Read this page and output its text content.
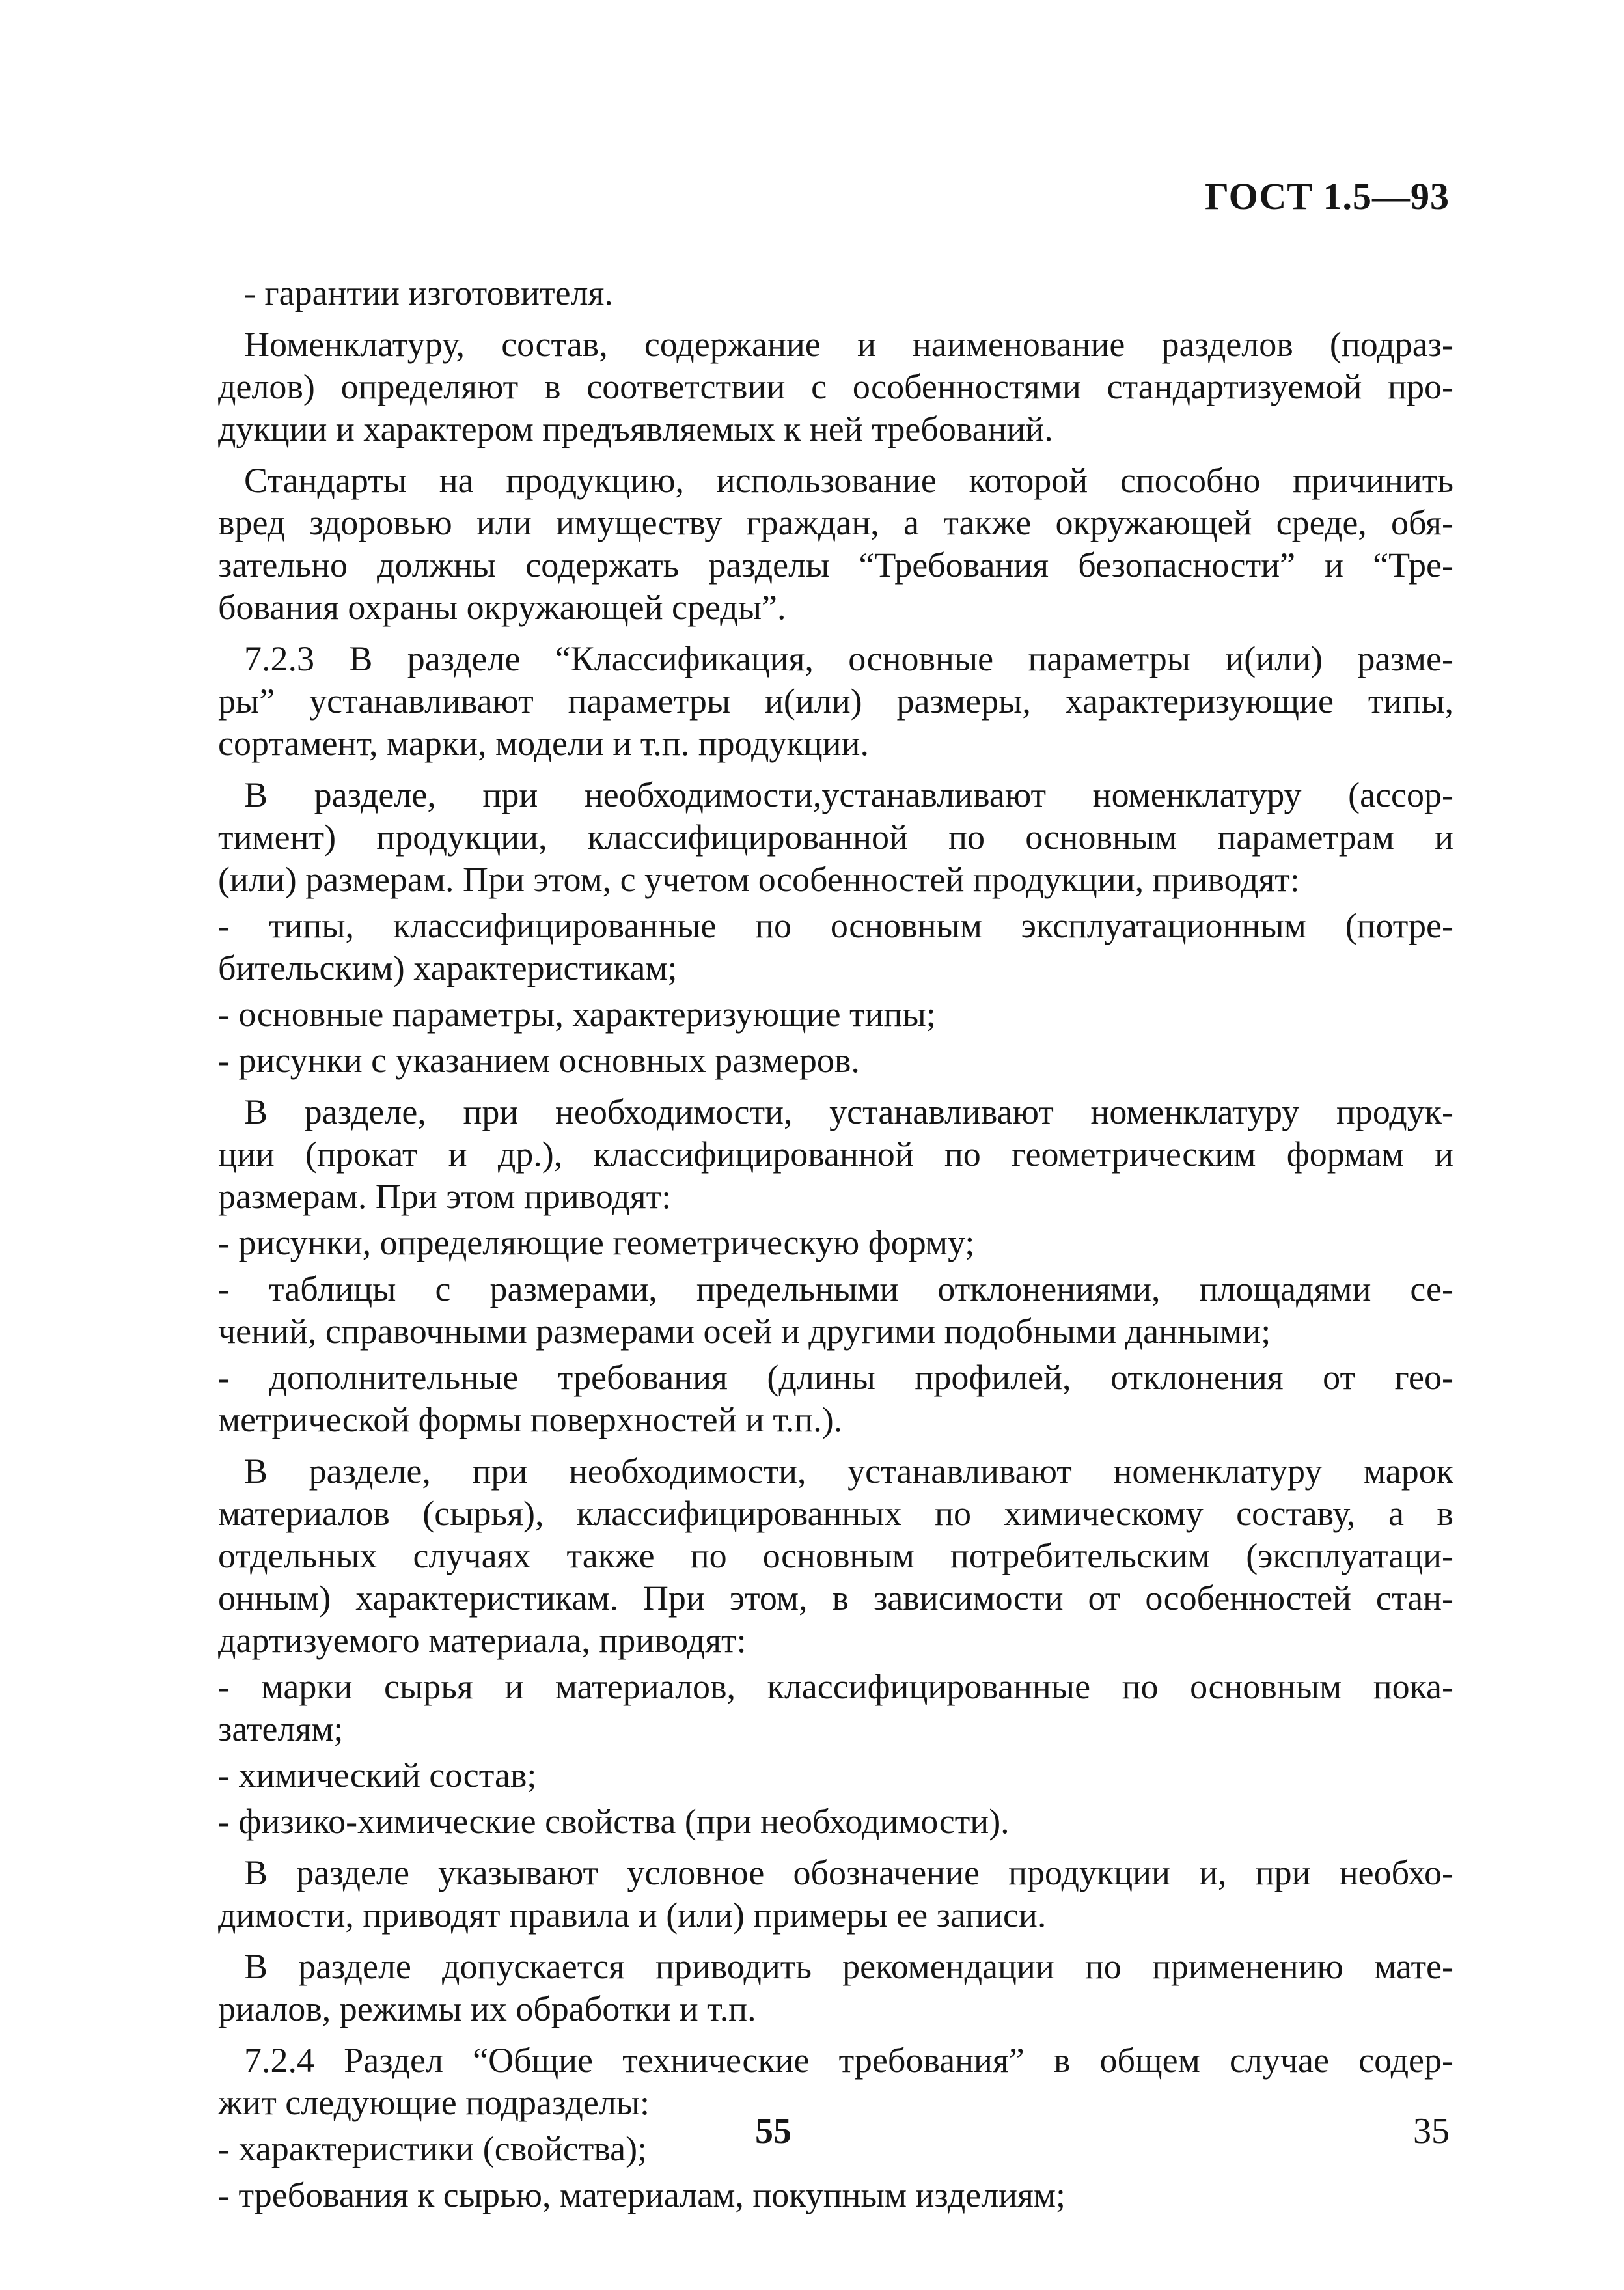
ГОСТ 1.5—93
- гарантии изготовителя.
Номенклатуру, состав, содержание и наименование разделов (подраз-
делов) определяют в соответствии с особенностями стандартизуемой про-
дукции и характером предъявляемых к ней требований.
Стандарты на продукцию, использование которой способно причинить
вред здоровью или имуществу граждан, а также окружающей среде, обя-
зательно должны содержать разделы “Требования безопасности” и “Тре-
бования охраны окружающей среды”.
7.2.3 В разделе “Классификация, основные параметры и(или) разме-
ры” устанавливают параметры и(или) размеры, характеризующие типы,
сортамент, марки, модели и т.п. продукции.
В разделе, при необходимости,устанавливают номенклатуру (ассор-
тимент) продукции, классифицированной по основным параметрам и
(или) размерам. При этом, с учетом особенностей продукции, приводят:
- типы, классифицированные по основным эксплуатационным (потре-
бительским) характеристикам;
- основные параметры, характеризующие типы;
- рисунки с указанием основных размеров.
В разделе, при необходимости, устанавливают номенклатуру продук-
ции (прокат и др.), классифицированной по геометрическим формам и
размерам. При этом приводят:
- рисунки, определяющие геометрическую форму;
- таблицы с размерами, предельными отклонениями, площадями се-
чений, справочными размерами осей и другими подобными данными;
- дополнительные требования (длины профилей, отклонения от гео-
метрической формы поверхностей и т.п.).
В разделе, при необходимости, устанавливают номенклатуру марок
материалов (сырья), классифицированных по химическому составу, а в
отдельных случаях также по основным потребительским (эксплуатаци-
онным) характеристикам. При этом, в зависимости от особенностей стан-
дартизуемого материала, приводят:
- марки сырья и материалов, классифицированные по основным пока-
зателям;
- химический состав;
- физико-химические свойства (при необходимости).
В разделе указывают условное обозначение продукции и, при необхо-
димости, приводят правила и (или) примеры ее записи.
В разделе допускается приводить рекомендации по применению мате-
риалов, режимы их обработки и т.п.
7.2.4 Раздел “Общие технические требования” в общем случае содер-
жит следующие подразделы:
- характеристики (свойства);
- требования к сырью, материалам, покупным изделиям;
55	35
